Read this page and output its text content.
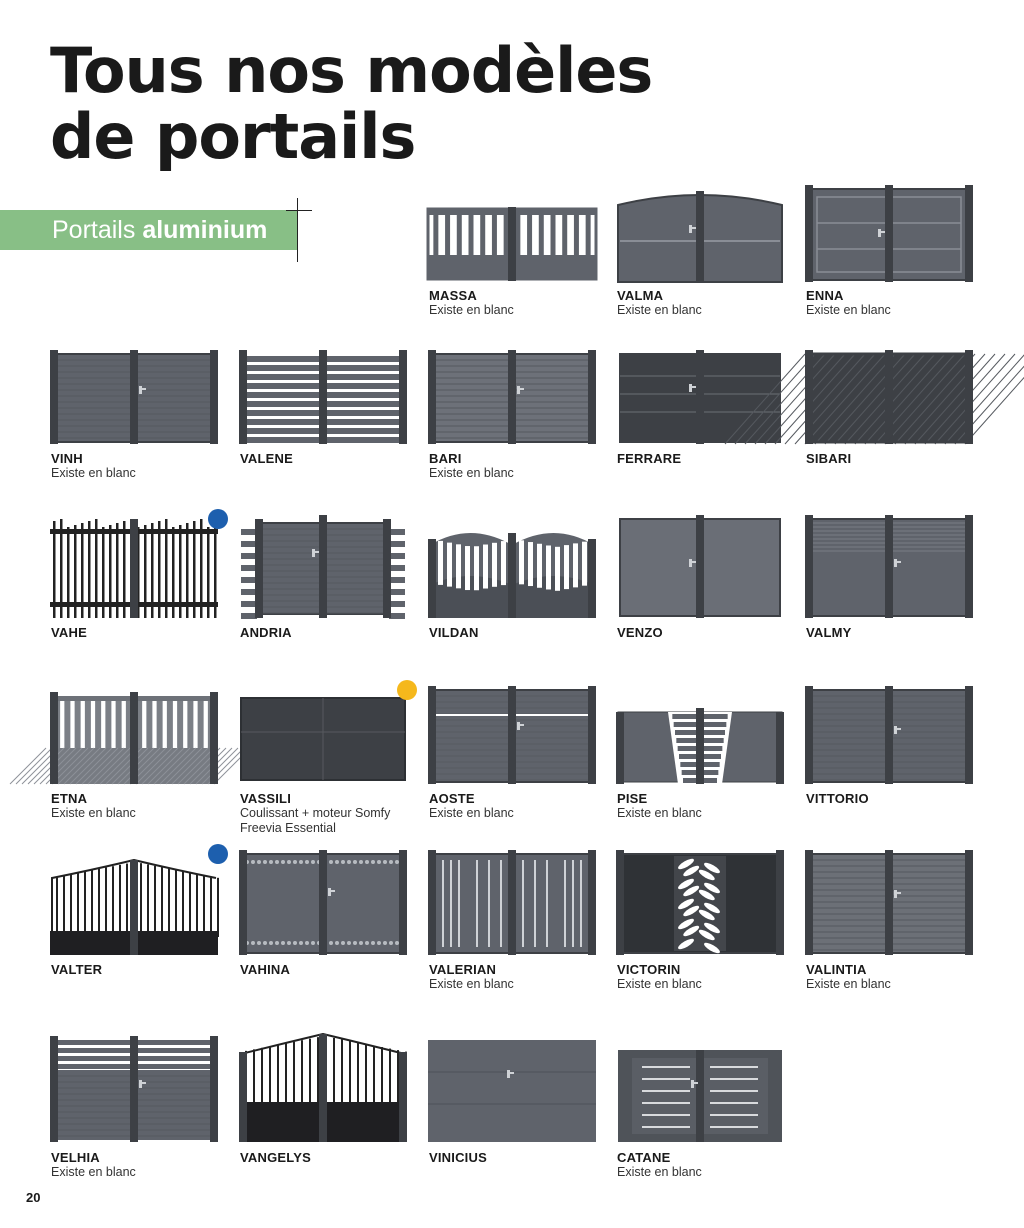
Tous nos modèles
de portails
Portails aluminium
MASSA
Existe en blanc
VALMA
Existe en blanc
ENNA
Existe en blanc
VINH
Existe en blanc
VALENE	BARI
Existe en blanc
FERRARE	SIBARI
VAHE	ANDRIA	VILDAN	VENZO	VALMY
ETNA
Existe en blanc
VASSILI
Coulissant + moteur Somfy
Freevia Essential
AOSTE
Existe en blanc
PISE
Existe en blanc
VITTORIO
VALTER	VAHINA	VALERIAN
Existe en blanc
VICTORIN
Existe en blanc
VALINTIA
Existe en blanc
VELHIA
Existe en blanc
VANGELYS	VINICIUS	CATANE
Existe en blanc
20
